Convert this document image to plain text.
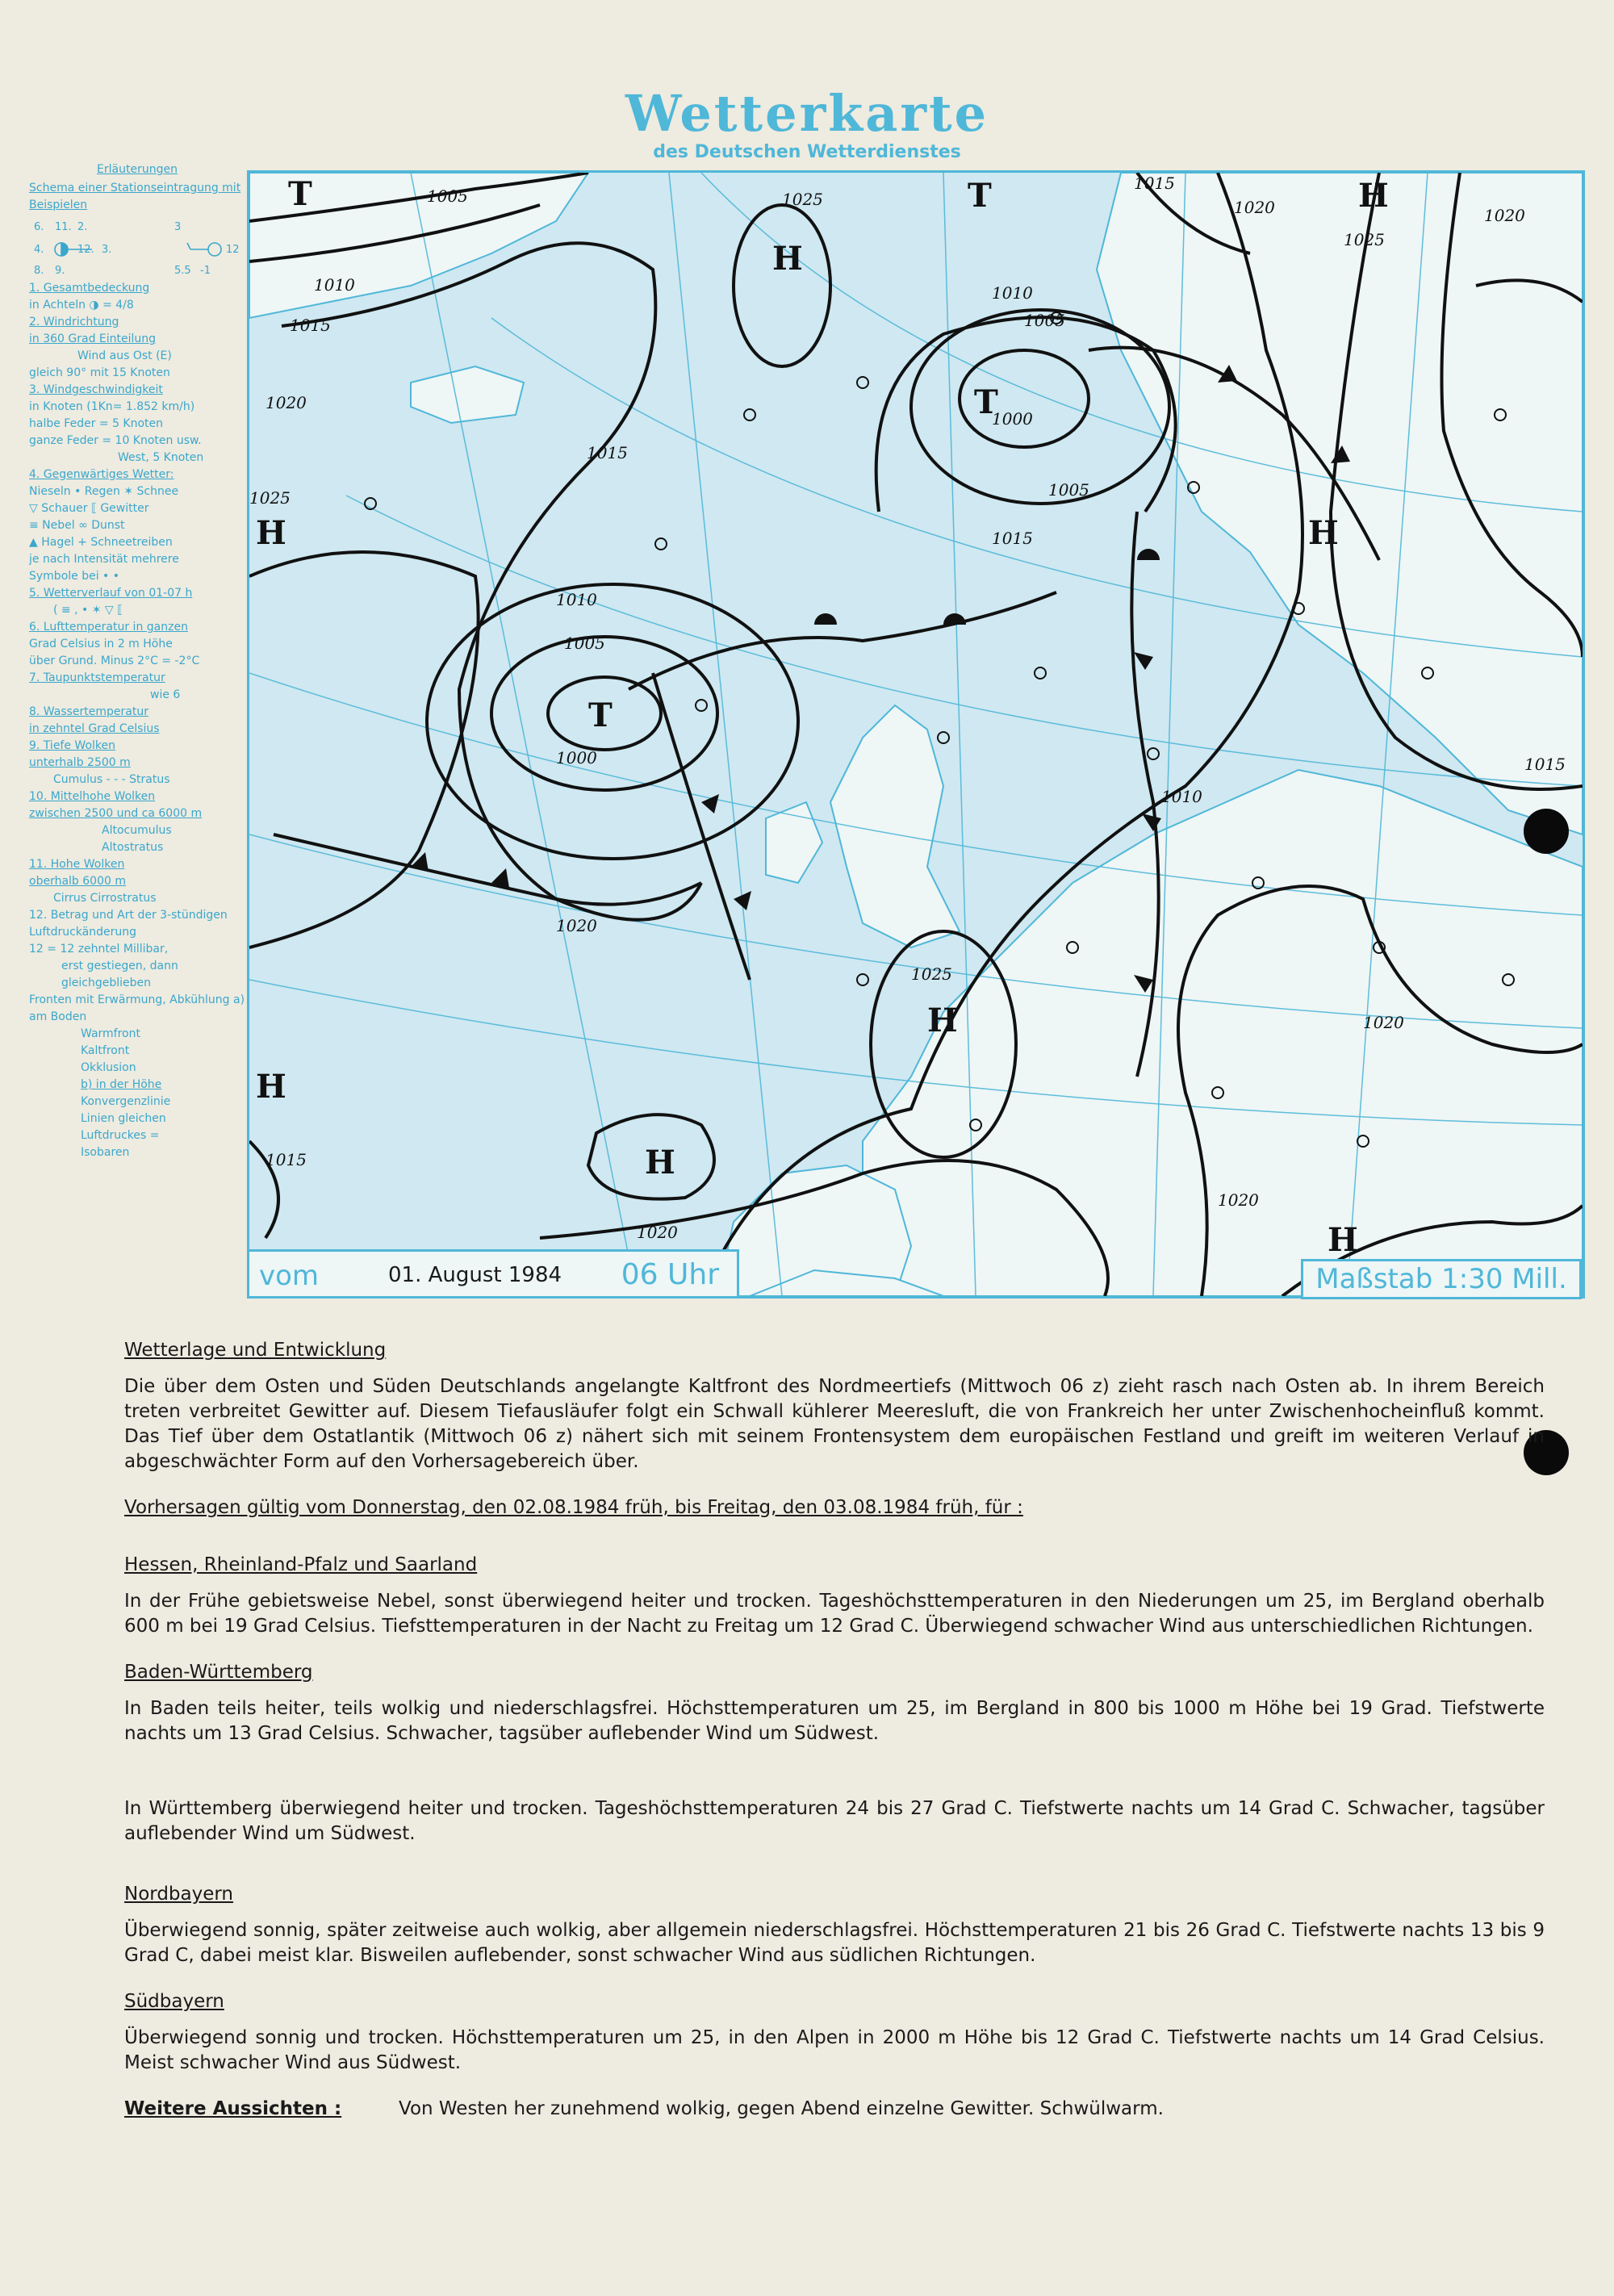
Wetterkarte
des Deutschen Wetterdienstes
Erläuterungen
Schema einer Stationseintragung mit Beispielen
6. 11. 2.
4.	12. 3.
8. 9.
3
12
5.5 -1
1. Gesamtbedeckung
in Achteln ◑ = 4/8
2. Windrichtung
in 360 Grad Einteilung
Wind aus Ost (E)
gleich 90° mit 15 Knoten
3. Windgeschwindigkeit
in Knoten (1Kn= 1.852 km/h)
halbe Feder = 5 Knoten
ganze Feder = 10 Knoten usw.
West, 5 Knoten
4. Gegenwärtiges Wetter:
Nieseln • Regen ✶ Schnee
▽ Schauer ⟦ Gewitter
≡ Nebel ∞ Dunst
▲ Hagel + Schneetreiben
je nach Intensität mehrere
Symbole bei • •
5. Wetterverlauf von 01-07 h
( ≡ , • ✶ ▽ ⟦
6. Lufttemperatur in ganzen
Grad Celsius in 2 m Höhe
über Grund. Minus 2°C = -2°C
7. Taupunktstemperatur
wie 6
8. Wassertemperatur
in zehntel Grad Celsius
9. Tiefe Wolken
unterhalb 2500 m
Cumulus - - - Stratus
10. Mittelhohe Wolken
zwischen 2500 und ca 6000 m
Altocumulus
Altostratus
11. Hohe Wolken
oberhalb 6000 m
Cirrus Cirrostratus
12. Betrag und Art der 3-stündigen Luftdruckänderung
12 = 12 zehntel Millibar,
erst gestiegen, dann
gleichgeblieben
Fronten mit Erwärmung, Abkühlung a) am Boden
Warmfront
Kaltfront
Okklusion
b) in der Höhe
Konvergenzlinie
Linien gleichen
Luftdruckes =
Isobaren
T
T
T
T
H
H
H
H
H
H
H
H
1000
1005
1010
1015
1020
1025
1005
1010
1015
1020
1025
1015
1020
1000
1005
1010
1015
1020
1025
1020
1015
1010
1005
1020
1015
1025
1020
vom	01. August 1984 06 Uhr	Maßstab 1:30 Mill.
Wetterlage und Entwicklung

Die über dem Osten und Süden Deutschlands angelangte Kaltfront des Nordmeertiefs (Mittwoch 06 z) zieht rasch nach Osten ab. In ihrem Bereich treten verbreitet Gewitter auf. Diesem Tiefausläufer folgt ein Schwall kühlerer Meeresluft, die von Frankreich her unter Zwischenhocheinfluß kommt. Das Tief über dem Ostatlantik (Mittwoch 06 z) nähert sich mit seinem Frontensystem dem europäischen Festland und greift im weiteren Verlauf in abgeschwächter Form auf den Vorhersagebereich über.

Vorhersagen gültig vom Donnerstag, den 02.08.1984 früh, bis Freitag, den 03.08.1984 früh, für :
Hessen, Rheinland-Pfalz und Saarland

In der Frühe gebietsweise Nebel, sonst überwiegend heiter und trocken. Tageshöchsttemperaturen in den Niederungen um 25, im Bergland oberhalb 600 m bei 19 Grad Celsius. Tiefsttemperaturen in der Nacht zu Freitag um 12 Grad C. Überwiegend schwacher Wind aus unterschiedlichen Richtungen.

Baden-Württemberg

In Baden teils heiter, teils wolkig und niederschlagsfrei. Höchsttemperaturen um 25, im Bergland in 800 bis 1000 m Höhe bei 19 Grad. Tiefstwerte nachts um 13 Grad Celsius. Schwacher, tagsüber auflebender Wind um Südwest.

In Württemberg überwiegend heiter und trocken. Tageshöchsttemperaturen 24 bis 27 Grad C. Tiefstwerte nachts um 14 Grad C. Schwacher, tagsüber auflebender Wind um Südwest.

Nordbayern

Überwiegend sonnig, später zeitweise auch wolkig, aber allgemein niederschlagsfrei. Höchsttemperaturen 21 bis 26 Grad C. Tiefstwerte nachts 13 bis 9 Grad C, dabei meist klar. Bisweilen auflebender, sonst schwacher Wind aus südlichen Richtungen.

Südbayern

Überwiegend sonnig und trocken. Höchsttemperaturen um 25, in den Alpen in 2000 m Höhe bis 12 Grad C. Tiefstwerte nachts um 14 Grad Celsius. Meist schwacher Wind aus Südwest.

Weitere Aussichten :	Von Westen her zunehmend wolkig, gegen Abend einzelne Gewitter. Schwülwarm.
